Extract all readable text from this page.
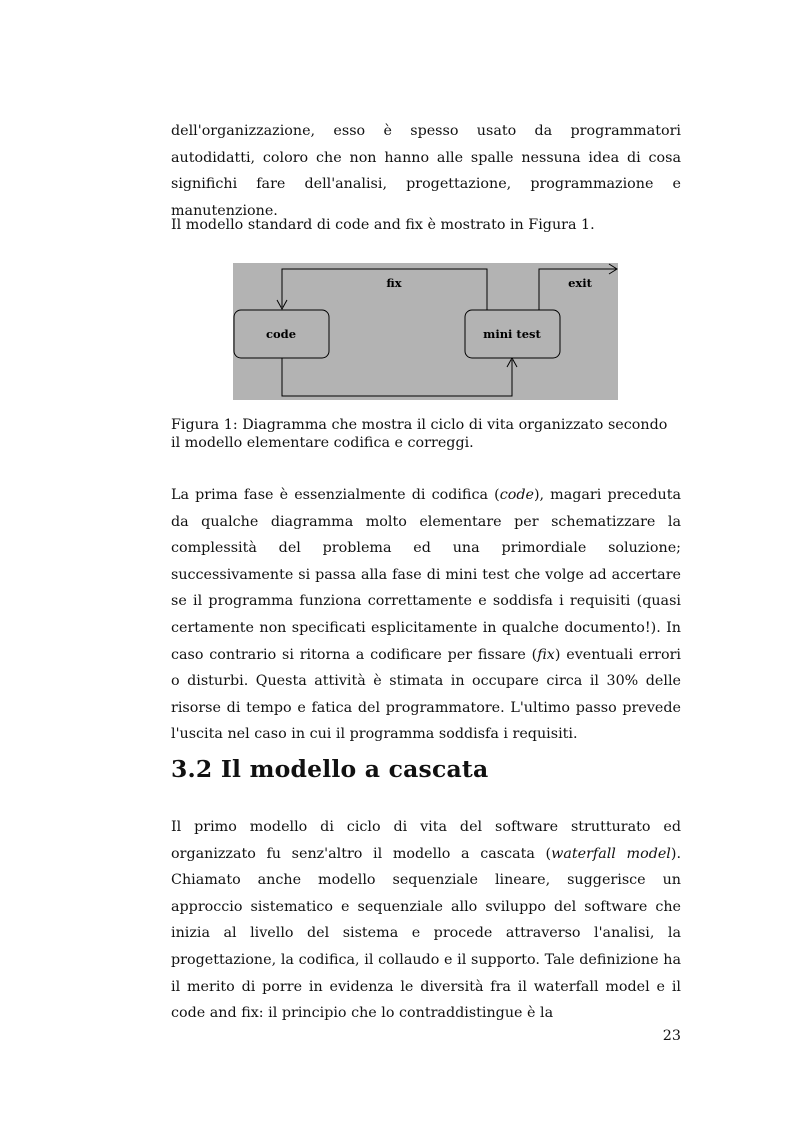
dell'organizzazione, esso è spesso usato da programmatori autodidatti, coloro che non hanno alle spalle nessuna idea di cosa significhi fare dell'analisi, progettazione, programmazione e manutenzione.

Il modello standard di code and fix è mostrato in Figura 1.

fix	exit
code	mini test

Figura 1: Diagramma che mostra il ciclo di vita organizzato secondo il modello elementare codifica e correggi.

La prima fase è essenzialmente di codifica (code), magari preceduta da qualche diagramma molto elementare per schematizzare la complessità del problema ed una primordiale soluzione; successivamente si passa alla fase di mini test che volge ad accertare se il programma funziona correttamente e soddisfa i requisiti (quasi certamente non specificati esplicitamente in qualche documento!). In caso contrario si ritorna a codificare per fissare (fix) eventuali errori o disturbi. Questa attività è stimata in occupare circa il 30% delle risorse di tempo e fatica del programmatore. L'ultimo passo prevede l'uscita nel caso in cui il programma soddisfa i requisiti.

3.2 Il modello a cascata

Il primo modello di ciclo di vita del software strutturato ed organizzato fu senz'altro il modello a cascata (waterfall model). Chiamato anche modello sequenziale lineare, suggerisce un approccio sistematico e sequenziale allo sviluppo del software che inizia al livello del sistema e procede attraverso l'analisi, la progettazione, la codifica, il collaudo e il supporto. Tale definizione ha il merito di porre in evidenza le diversità fra il waterfall model e il code and fix: il principio che lo contraddistingue è la

23
